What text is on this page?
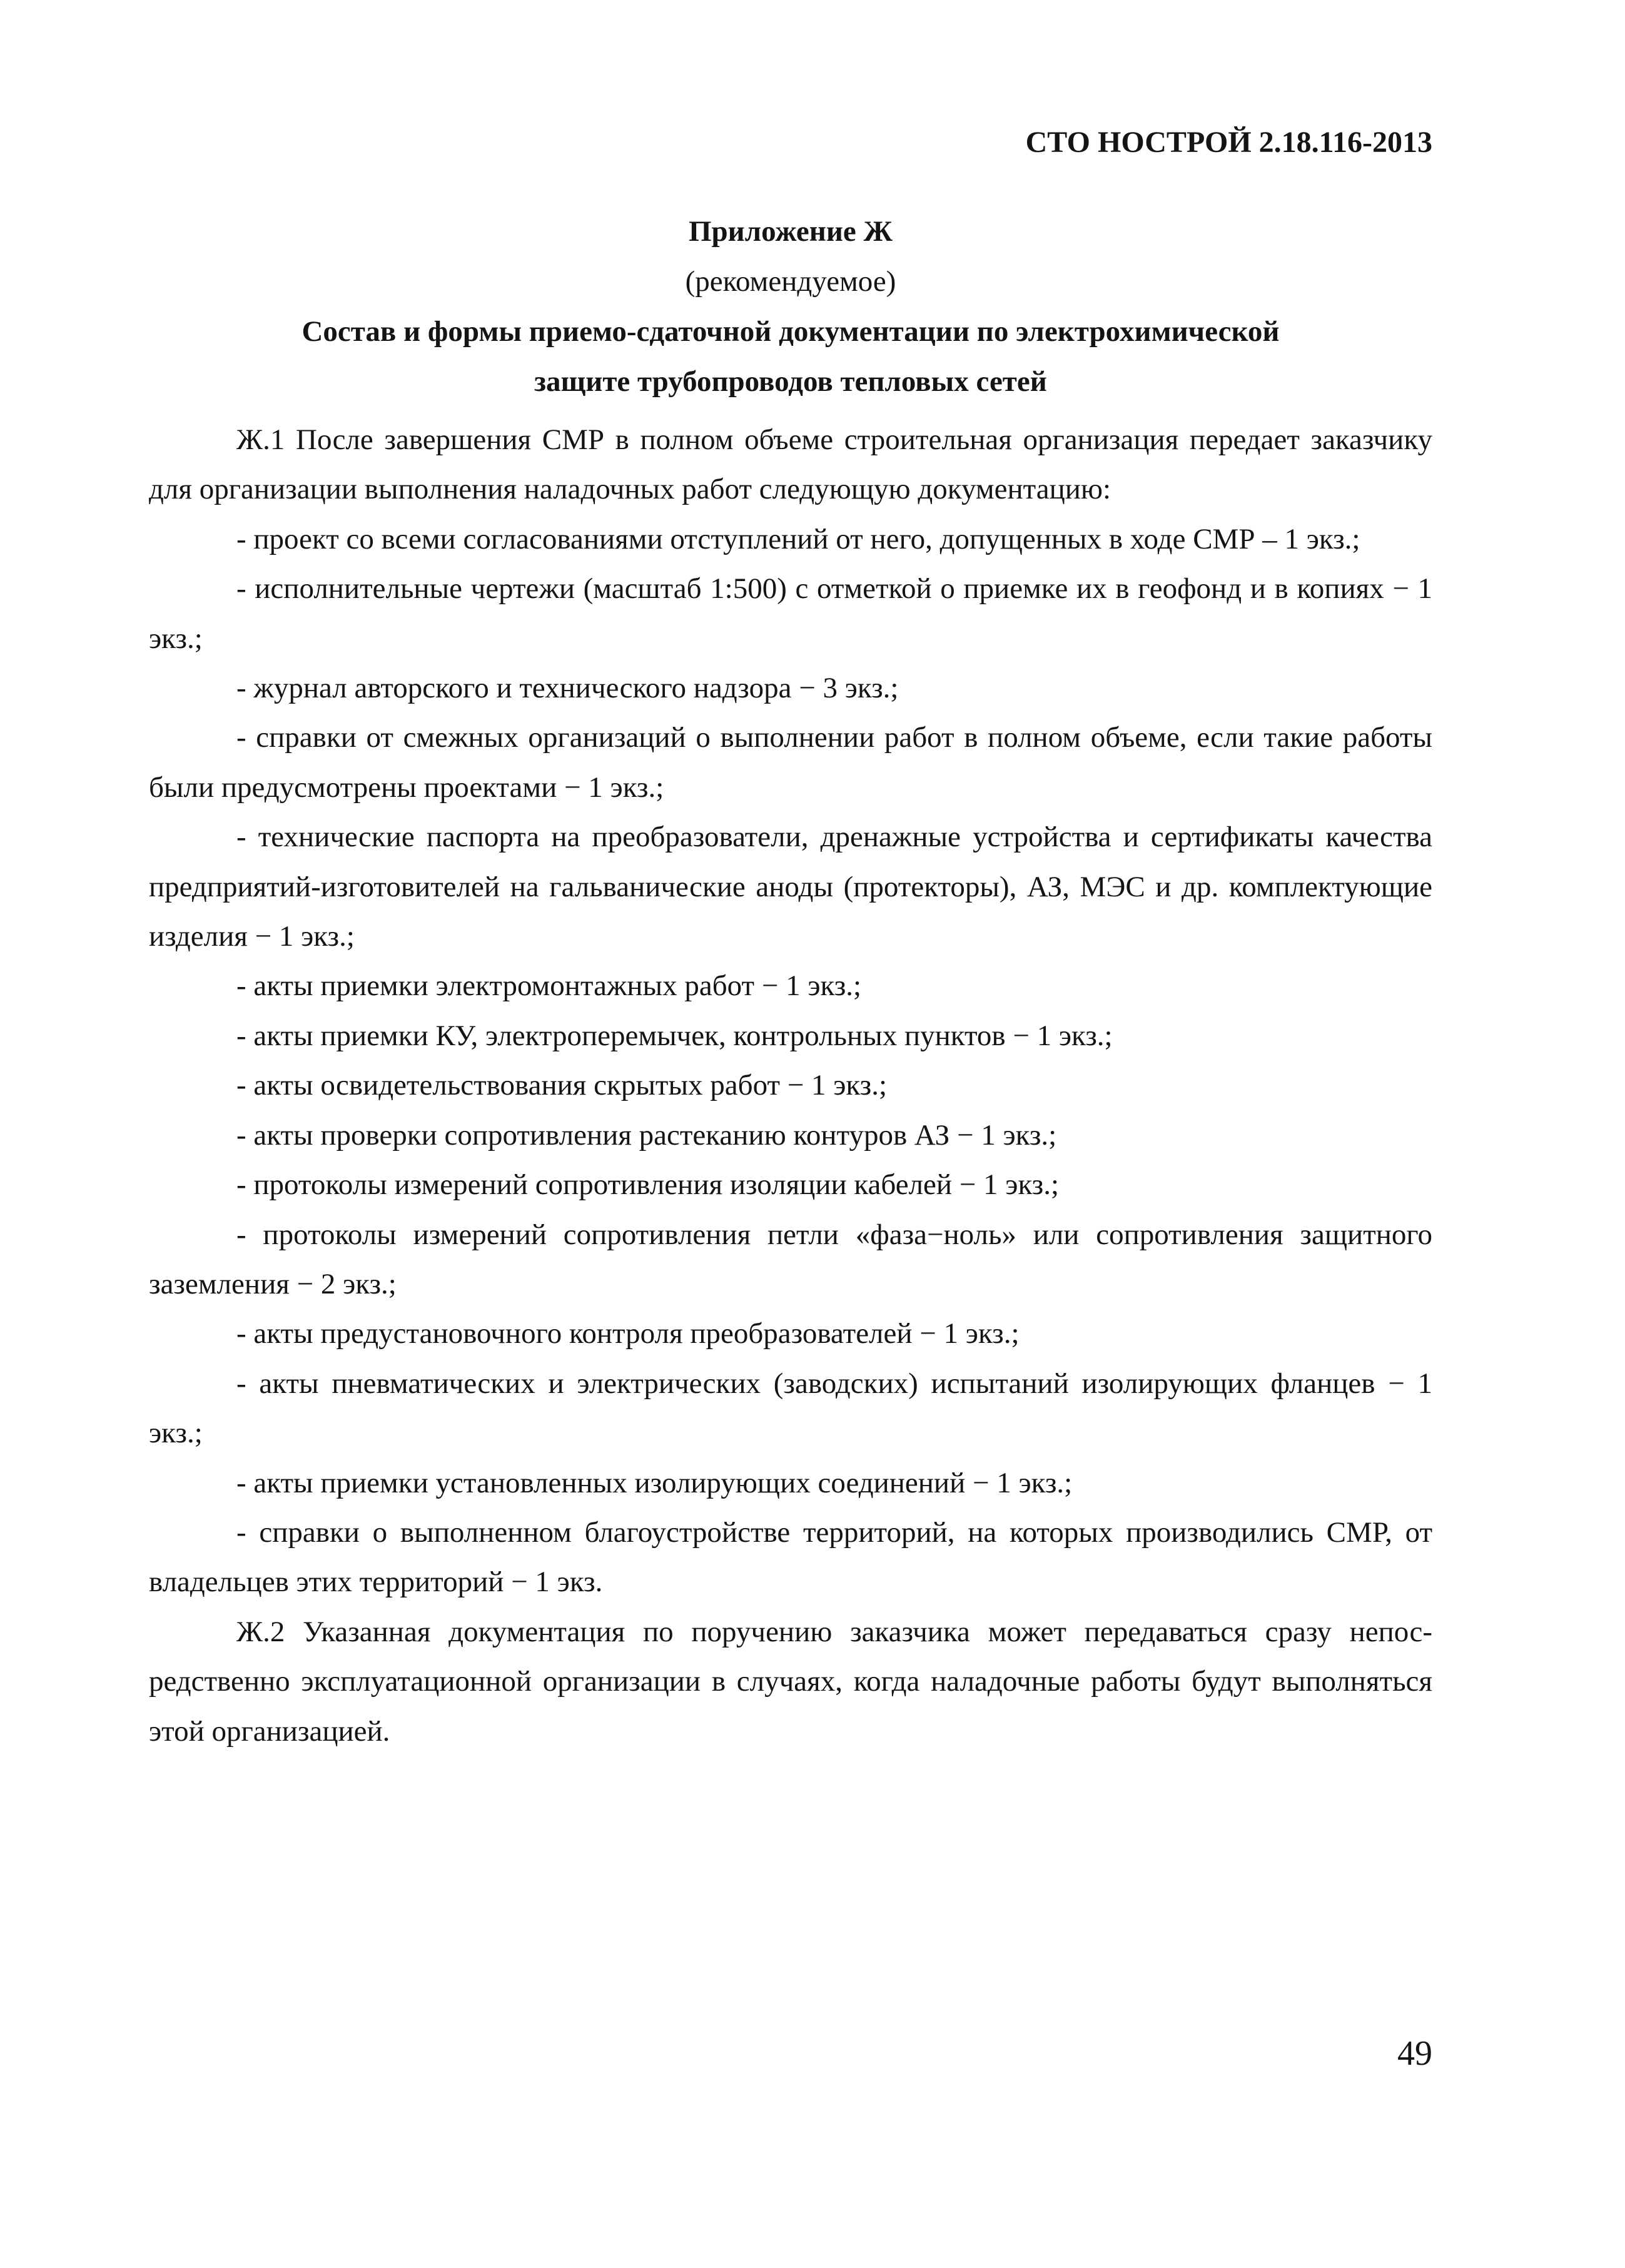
СТО НОСТРОЙ 2.18.116-2013
Приложение Ж
(рекомендуемое)
Состав и формы приемо-сдаточной документации по электрохимической
защите трубопроводов тепловых сетей

Ж.1 После завершения СМР в полном объеме строительная организация передает заказчику для организации выполнения наладочных работ следующую документацию:

- проект со всеми согласованиями отступлений от него, допущенных в ходе СМР – 1 экз.;

- исполнительные чертежи (масштаб 1:500) с отметкой о приемке их в геофонд и в копиях − 1 экз.;

- журнал авторского и технического надзора − 3 экз.;

- справки от смежных организаций о выполнении работ в полном объеме, если такие работы были предусмотрены проектами − 1 экз.;

- технические паспорта на преобразователи, дренажные устройства и сертификаты качества предприятий-изготовителей на гальванические аноды (протекторы), АЗ, МЭС и др. комплектующие изделия − 1 экз.;

- акты приемки электромонтажных работ − 1 экз.;

- акты приемки КУ, электроперемычек, контрольных пунктов − 1 экз.;

- акты освидетельствования скрытых работ − 1 экз.;

- акты проверки сопротивления растеканию контуров АЗ − 1 экз.;

- протоколы измерений сопротивления изоляции кабелей − 1 экз.;

- протоколы измерений сопротивления петли «фаза−ноль» или сопротивления защитного заземления − 2 экз.;

- акты предустановочного контроля преобразователей − 1 экз.;

- акты пневматических и электрических (заводских) испытаний изолирующих фланцев − 1 экз.;

- акты приемки установленных изолирующих соединений − 1 экз.;

- справки о выполненном благоустройстве территорий, на которых производились СМР, от владельцев этих территорий − 1 экз.

Ж.2 Указанная документация по поручению заказчика может передаваться сразу непосредственно эксплуатационной организации в случаях, когда наладочные работы будут выполняться этой организацией.

49
